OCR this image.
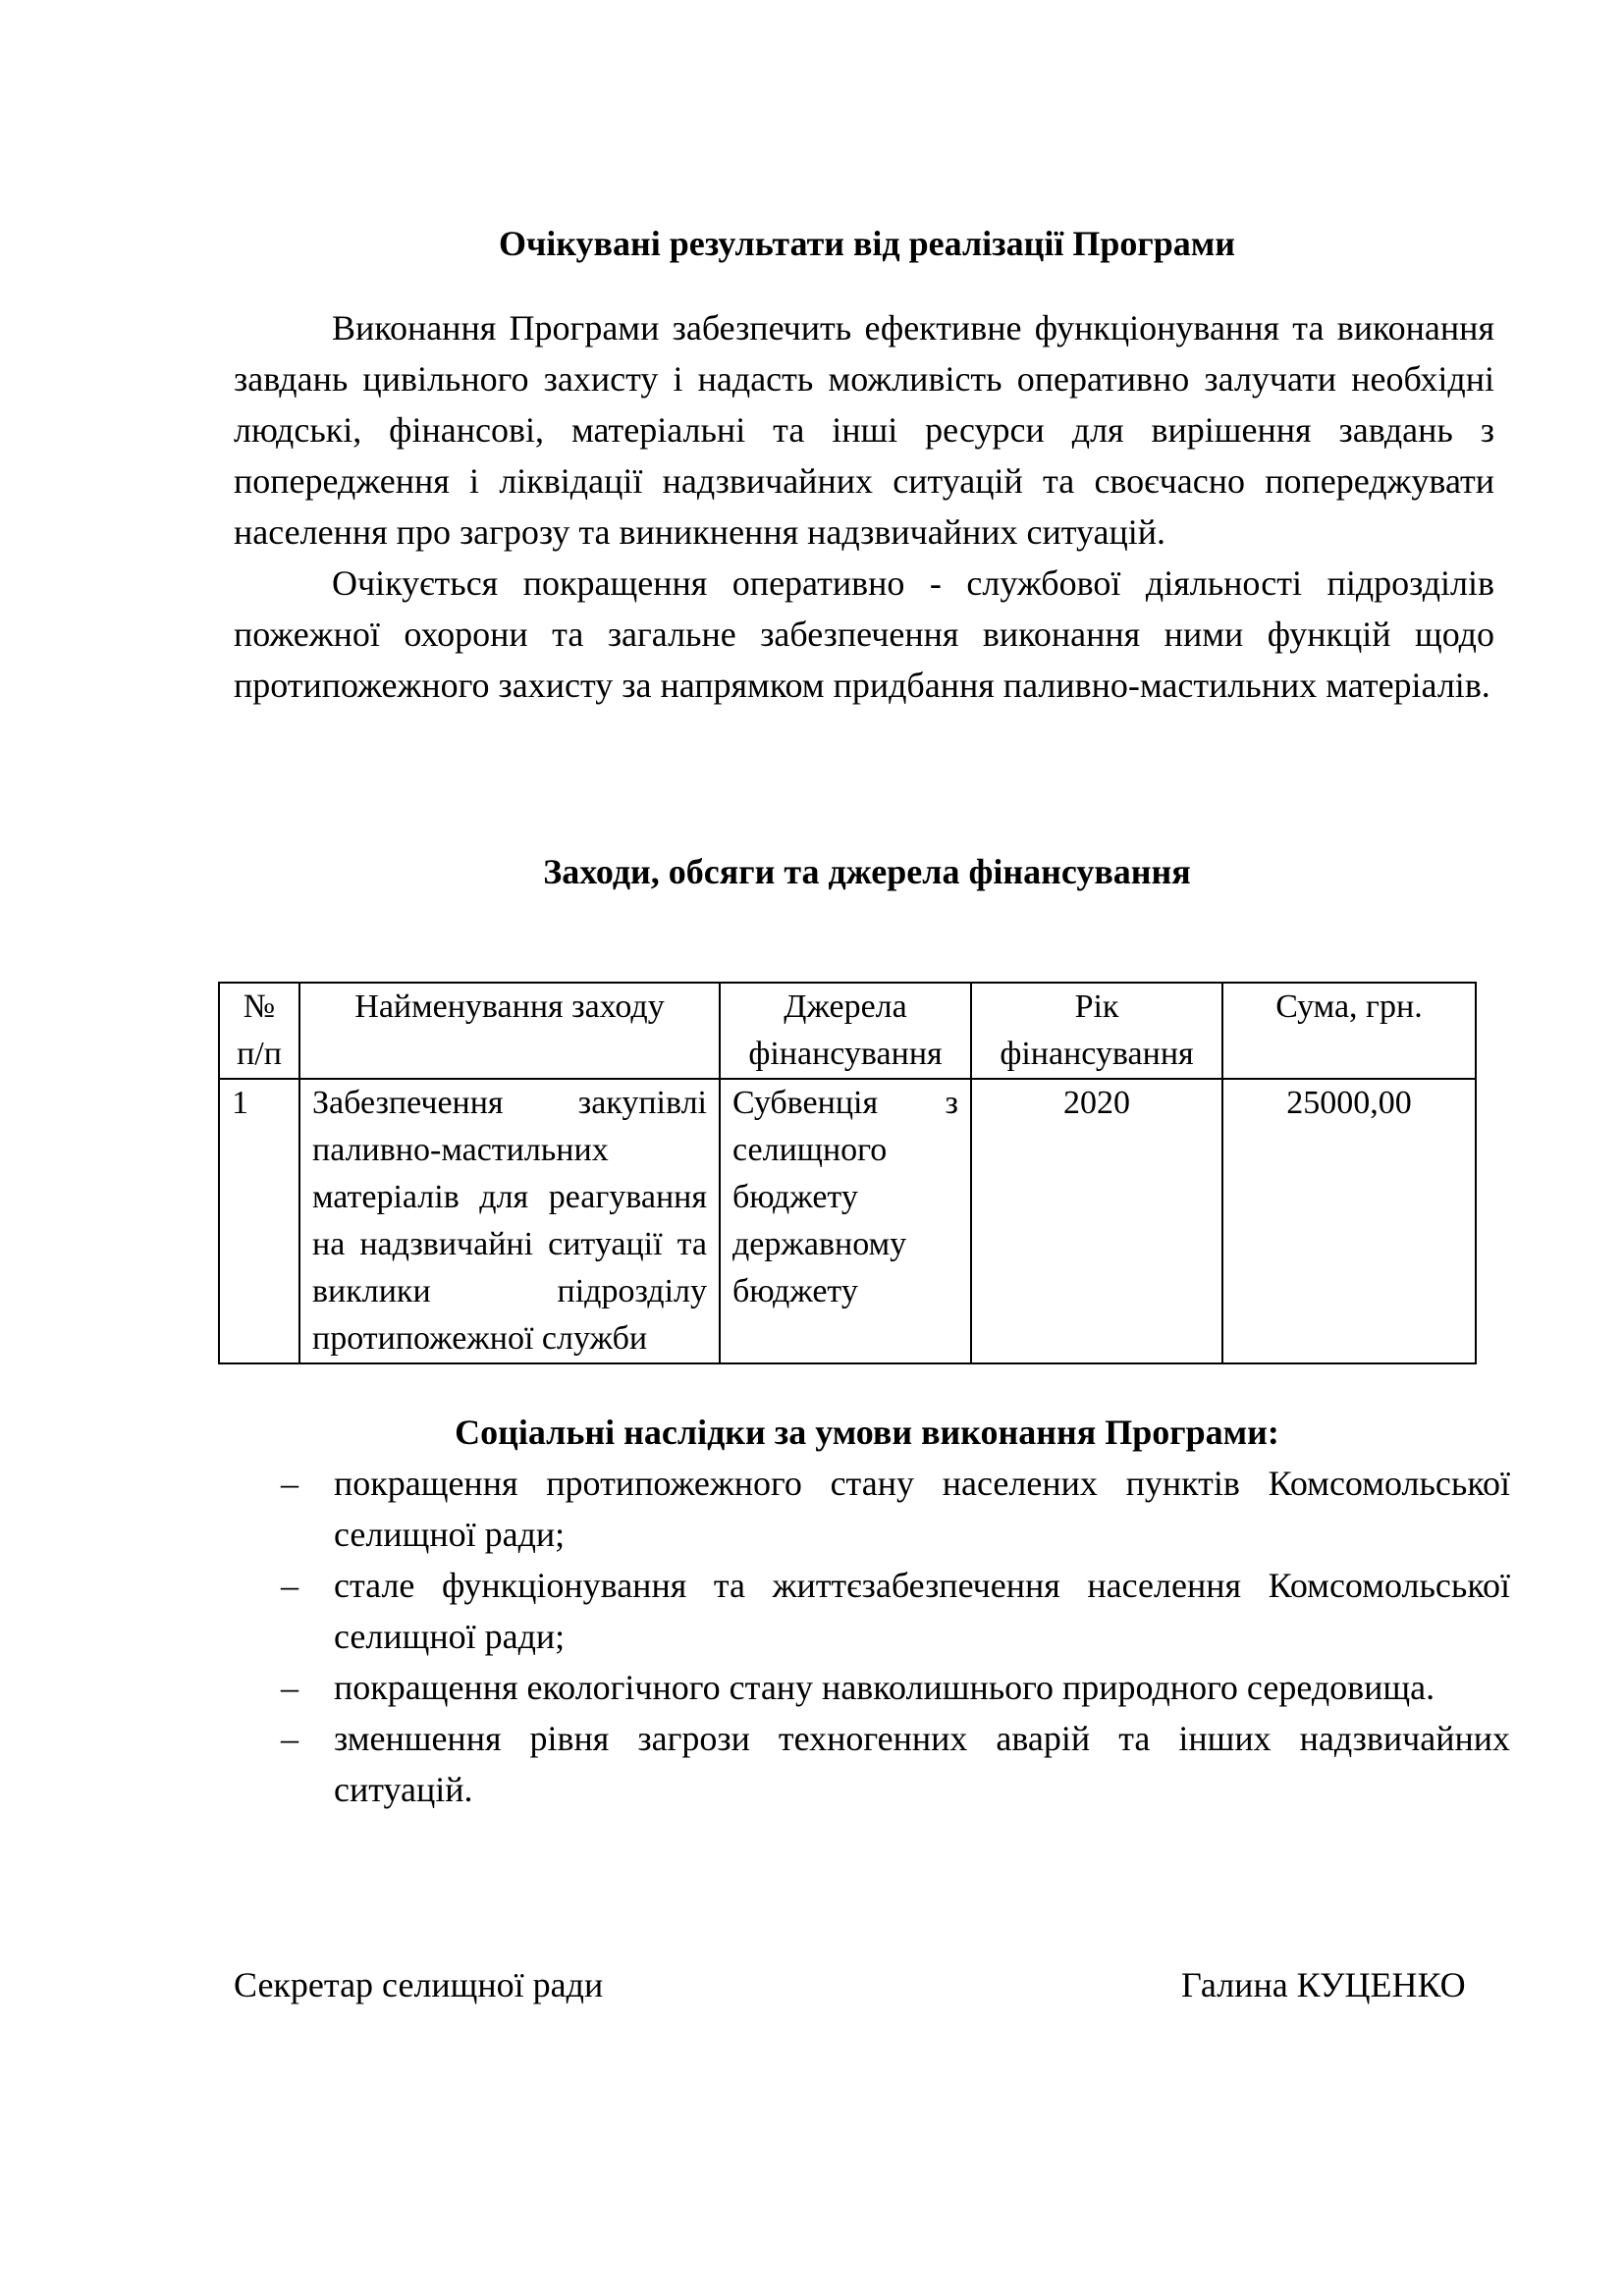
Очікувані результати від реалізації Програми

Виконання Програми забезпечить ефективне функціонування та виконання завдань цивільного захисту і надасть можливість оперативно залучати необхідні людські, фінансові, матеріальні та інші ресурси для вирішення завдань з попередження і ліквідації надзвичайних ситуацій та своєчасно попереджувати населення про загрозу та виникнення надзвичайних ситуацій.

Очікується покращення оперативно - службової діяльності підрозділів пожежної охорони та загальне забезпечення виконання ними функцій щодо протипожежного захисту за напрямком придбання паливно-мастильних матеріалів.

Заходи, обсяги та джерела фінансування
№ п/п	Найменування заходу	Джерела фінансування	Рік фінансування	Сума, грн.
1	Забезпечення закупівлі паливно-мастильних матеріалів для реагування на надзвичайні ситуації та виклики підрозділу протипожежної служби	Субвенція з селищного бюджету державному бюджету	2020	25000,00
Соціальні наслідки за умови виконання Програми:
– покращення протипожежного стану населених пунктів Комсомольської селищної ради;
– стале функціонування та життєзабезпечення населення Комсомольської селищної ради;
– покращення екологічного стану навколишнього природного середовища.
– зменшення рівня загрози техногенних аварій та інших надзвичайних ситуацій.
Секретар селищної ради	Галина КУЦЕНКО
